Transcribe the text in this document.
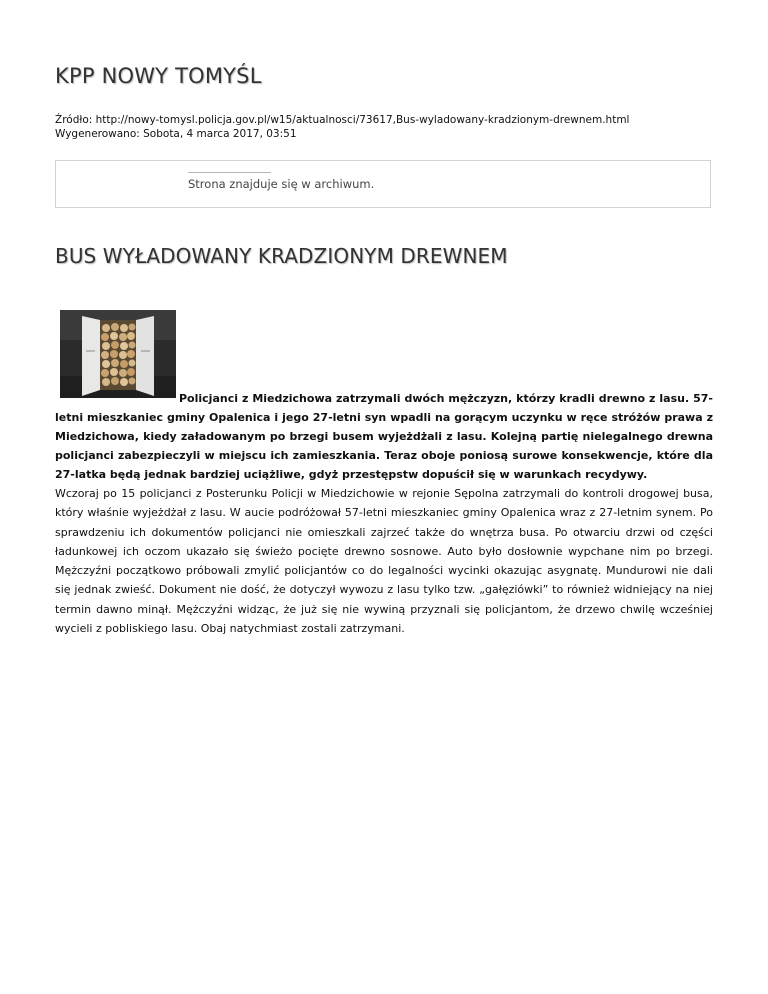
KPP NOWY TOMYŚL
Źródło: http://nowy-tomysl.policja.gov.pl/w15/aktualnosci/73617,Bus-wyladowany-kradzionym-drewnem.html
Wygenerowano: Sobota, 4 marca 2017, 03:51
Strona znajduje się w archiwum.
BUS WYŁADOWANY KRADZIONYM DREWNEM

Policjanci z Miedzichowa zatrzymali dwóch mężczyzn, którzy kradli drewno z lasu. 57-letni mieszkaniec gminy Opalenica i jego 27-letni syn wpadli na gorącym uczynku w ręce stróżów prawa z Miedzichowa, kiedy załadowanym po brzegi busem wyjeżdżali z lasu. Kolejną partię nielegalnego drewna policjanci zabezpieczyli w miejscu ich zamieszkania. Teraz oboje poniosą surowe konsekwencje, które dla 27-latka będą jednak bardziej uciążliwe, gdyż przestępstw dopuścił się w warunkach recydywy.

Wczoraj po 15 policjanci z Posterunku Policji w Miedzichowie w rejonie Sępolna zatrzymali do kontroli drogowej busa, który właśnie wyjeżdżał z lasu. W aucie podróżował 57-letni mieszkaniec gminy Opalenica wraz z 27-letnim synem. Po sprawdzeniu ich dokumentów policjanci nie omieszkali zajrzeć także do wnętrza busa. Po otwarciu drzwi od części ładunkowej ich oczom ukazało się świeżo pocięte drewno sosnowe. Auto było dosłownie wypchane nim po brzegi. Mężczyźni początkowo próbowali zmylić policjantów co do legalności wycinki okazując asygnatę. Mundurowi nie dali się jednak zwieść. Dokument nie dość, że dotyczył wywozu z lasu tylko tzw. „gałęziówki” to również widniejący na niej termin dawno minął. Mężczyźni widząc, że już się nie wywiną przyznali się policjantom, że drzewo chwilę wcześniej wycieli z pobliskiego lasu. Obaj natychmiast zostali zatrzymani.
